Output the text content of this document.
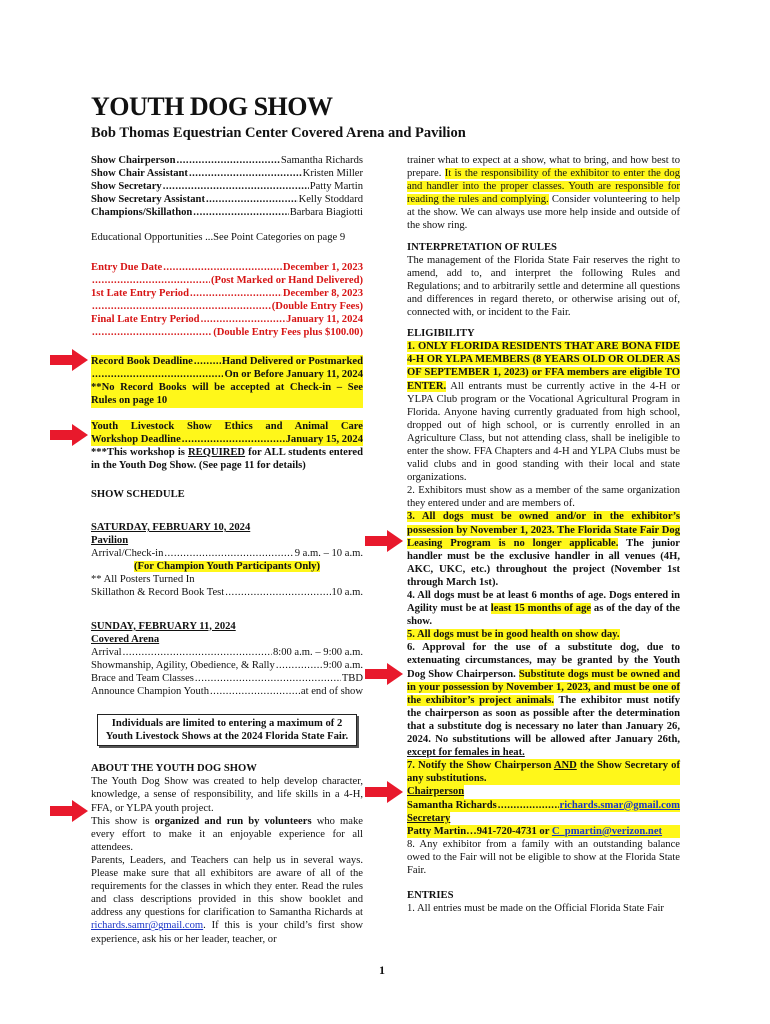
YOUTH DOG SHOW
Bob Thomas Equestrian Center Covered Arena and Pavilion
Show Chairperson .....	Samantha Richards
Show Chair Assistant .....	Kristen Miller
Show Secretary .....	Patty Martin
Show Secretary Assistant .....	Kelly Stoddard
Champions/Skillathon .....	Barbara Biagiotti
Educational Opportunities ...See Point Categories on page 9
Entry Due Date .....	December 1, 2023
.....
(Post Marked or Hand Delivered)
1st Late Entry Period .....	December 8, 2023
.....
(Double Entry Fees)
Final Late Entry Period .....	January 11, 2024
.....
(Double Entry Fees plus $100.00)
Record Book Deadline .....	Hand Delivered or Postmarked
.....
On or Before January 11, 2024
**No Record Books will be accepted at Check-in – See Rules on page 10
Youth Livestock Show Ethics and Animal Care
Workshop Deadline .....	January 15, 2024
***This workshop is REQUIRED for ALL students entered in the Youth Dog Show. (See page 11 for details)
SHOW SCHEDULE
SATURDAY, FEBRUARY 10, 2024
Pavilion
Arrival/Check-in .....	9 a.m. – 10 a.m.
(For Champion Youth Participants Only)
** All Posters Turned In
Skillathon & Record Book Test .....	10 a.m.
SUNDAY, FEBRUARY 11, 2024
Covered Arena
Arrival .....	8:00 a.m. – 9:00 a.m.
Showmanship, Agility, Obedience, & Rally .....	9:00 a.m.
Brace and Team Classes .....	TBD
Announce Champion Youth .....	at end of show
Individuals are limited to entering a maximum of 2 Youth Livestock Shows at the 2024 Florida State Fair.
ABOUT THE YOUTH DOG SHOW
The Youth Dog Show was created to help develop character, knowledge, a sense of responsibility, and life skills in a 4-H, FFA, or YLPA youth project.
This show is organized and run by volunteers who make every effort to make it an enjoyable experience for all attendees.
Parents, Leaders, and Teachers can help us in several ways. Please make sure that all exhibitors are aware of all of the requirements for the classes in which they enter. Read the rules and class descriptions provided in this show booklet and address any questions for clarification to Samantha Richards at richards.samr@gmail.com. If this is your child’s first show experience, ask his or her leader, teacher, or
trainer what to expect at a show, what to bring, and how best to prepare. It is the responsibility of the exhibitor to enter the dog and handler into the proper classes. Youth are responsible for reading the rules and complying. Consider volunteering to help at the show. We can always use more help inside and outside of the show ring.
INTERPRETATION OF RULES
The management of the Florida State Fair reserves the right to amend, add to, and interpret the following Rules and Regulations; and to arbitrarily settle and determine all questions and differences in regard thereto, or otherwise arising out of, connected with, or incident to the Fair.
ELIGIBILITY
1. ONLY FLORIDA RESIDENTS THAT ARE BONA FIDE 4-H OR YLPA MEMBERS (8 YEARS OLD OR OLDER AS OF SEPTEMBER 1, 2023) or FFA members are eligible TO ENTER. All entrants must be currently active in the 4-H or YLPA Club program or the Vocational Agricultural Program in Florida. Anyone having currently graduated from high school, dropped out of high school, or is currently enrolled in an Agriculture Class, but not attending class, shall be ineligible to enter the show. FFA Chapters and 4-H and YLPA Clubs must be valid clubs and in good standing with their local and state organizations.
2. Exhibitors must show as a member of the same organization they entered under and are members of.
3. All dogs must be owned and/or in the exhibitor’s possession by November 1, 2023. The Florida State Fair Dog Leasing Program is no longer applicable. The junior handler must be the exclusive handler in all venues (4H, AKC, UKC, etc.) throughout the project (November 1st through March 1st).
4. All dogs must be at least 6 months of age. Dogs entered in Agility must be at least 15 months of age as of the day of the show.
5. All dogs must be in good health on show day.
6. Approval for the use of a substitute dog, due to extenuating circumstances, may be granted by the Youth Dog Show Chairperson. Substitute dogs must be owned and in your possession by November 1, 2023, and must be one of the exhibitor’s project animals. The exhibitor must notify the chairperson as soon as possible after the determination that a substitute dog is necessary no later than January 26, 2024. No substitutions will be allowed after January 26th, except for females in heat.
7. Notify the Show Chairperson AND the Show Secretary of any substitutions.
Chairperson
Samantha Richards .....	richards.smar@gmail.com
Secretary
Patty Martin…941-720-4731 or C_pmartin@verizon.net
8. Any exhibitor from a family with an outstanding balance owed to the Fair will not be eligible to show at the Florida State Fair.
ENTRIES
1. All entries must be made on the Official Florida State Fair
1
